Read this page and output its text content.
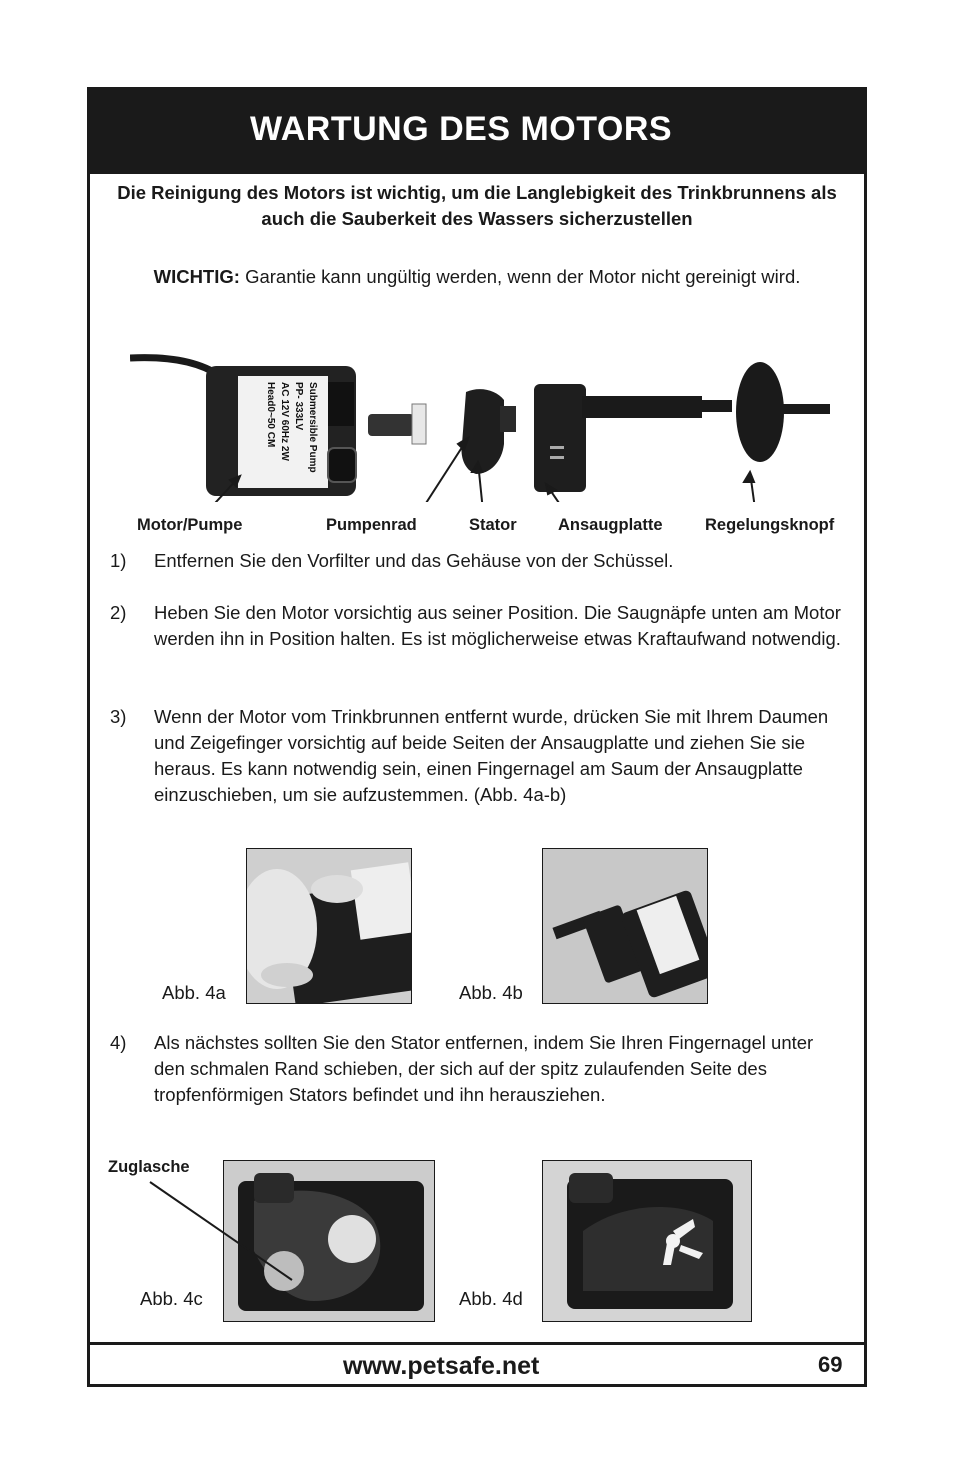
WARTUNG DES MOTORS
Die Reinigung des Motors ist wichtig, um die Langlebigkeit des Trinkbrunnens als auch die Sauberkeit des Wassers sicherzustellen
WICHTIG: Garantie kann ungültig werden, wenn der Motor nicht gereinigt wird.
Submersible Pump
PP- 333LV
AC 12V 60Hz 2W
Head0~50 CM
Motor/Pumpe	Pumpenrad	Stator	Ansaugplatte	Regelungsknopf
1) Entfernen Sie den Vorfilter und das Gehäuse von der Schüssel.
2) Heben Sie den Motor vorsichtig aus seiner Position. Die Saugnäpfe unten am Motor werden ihn in Position halten. Es ist möglicherweise etwas Kraftaufwand notwendig.
3) Wenn der Motor vom Trinkbrunnen entfernt wurde, drücken Sie mit Ihrem Daumen und Zeigefinger vorsichtig auf beide Seiten der Ansaugplatte und ziehen Sie sie heraus. Es kann notwendig sein, einen Fingernagel am Saum der Ansaugplatte einzuschieben, um sie aufzustemmen. (Abb. 4a-b)
Abb. 4a	Abb. 4b
4) Als nächstes sollten Sie den Stator entfernen, indem Sie Ihren Fingernagel unter den schmalen Rand schieben, der sich auf der spitz zulaufenden Seite des tropfenförmigen Stators befindet und ihn herausziehen.
Zuglasche
Abb. 4c	Abb. 4d
www.petsafe.net	69
